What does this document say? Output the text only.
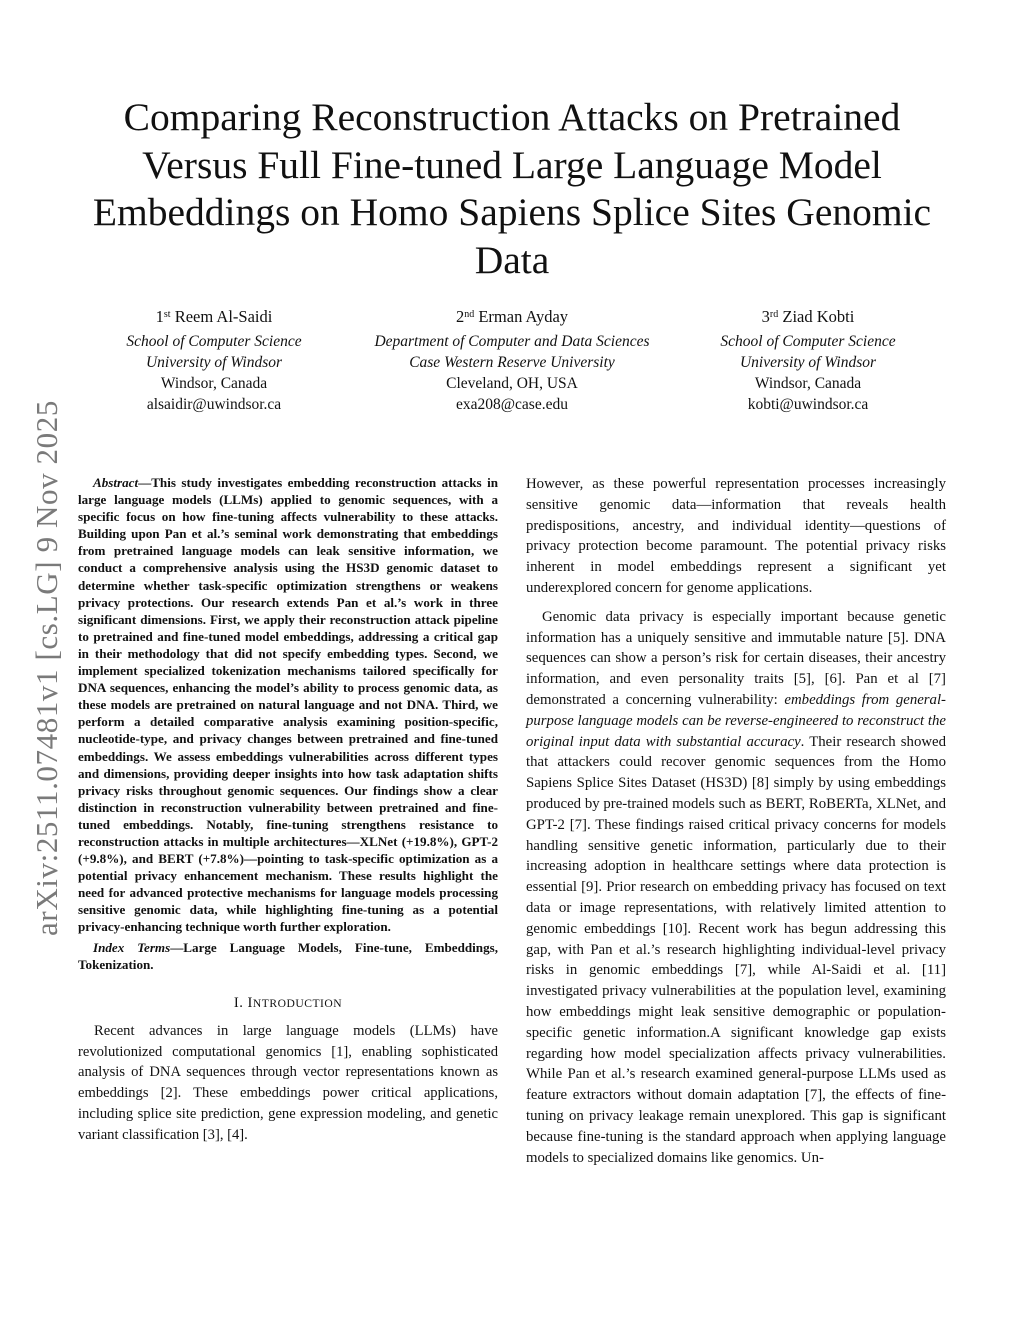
arXiv:2511.07481v1 [cs.LG] 9 Nov 2025
Comparing Reconstruction Attacks on Pretrained Versus Full Fine-tuned Large Language Model Embeddings on Homo Sapiens Splice Sites Genomic Data
1st Reem Al-Saidi
School of Computer Science
University of Windsor
Windsor, Canada
alsaidir@uwindsor.ca
2nd Erman Ayday
Department of Computer and Data Sciences
Case Western Reserve University
Cleveland, OH, USA
exa208@case.edu
3rd Ziad Kobti
School of Computer Science
University of Windsor
Windsor, Canada
kobti@uwindsor.ca

Abstract—This study investigates embedding reconstruction attacks in large language models (LLMs) applied to genomic sequences, with a specific focus on how fine-tuning affects vulnerability to these attacks. Building upon Pan et al.’s seminal work demonstrating that embeddings from pretrained language models can leak sensitive information, we conduct a comprehensive analysis using the HS3D genomic dataset to determine whether task-specific optimization strengthens or weakens privacy protections. Our research extends Pan et al.’s work in three significant dimensions. First, we apply their reconstruction attack pipeline to pretrained and fine-tuned model embeddings, addressing a critical gap in their methodology that did not specify embedding types. Second, we implement specialized tokenization mechanisms tailored specifically for DNA sequences, enhancing the model’s ability to process genomic data, as these models are pretrained on natural language and not DNA. Third, we perform a detailed comparative analysis examining position-specific, nucleotide-type, and privacy changes between pretrained and fine-tuned embeddings. We assess embeddings vulnerabilities across different types and dimensions, providing deeper insights into how task adaptation shifts privacy risks throughout genomic sequences. Our findings show a clear distinction in reconstruction vulnerability between pretrained and fine-tuned embeddings. Notably, fine-tuning strengthens resistance to reconstruction attacks in multiple architectures—XLNet (+19.8%), GPT-2 (+9.8%), and BERT (+7.8%)—pointing to task-specific optimization as a potential privacy enhancement mechanism. These results highlight the need for advanced protective mechanisms for language models processing sensitive genomic data, while highlighting fine-tuning as a potential privacy-enhancing technique worth further exploration.

Index Terms—Large Language Models, Fine-tune, Embeddings, Tokenization.

I. INTRODUCTION

Recent advances in large language models (LLMs) have revolutionized computational genomics [1], enabling sophisticated analysis of DNA sequences through vector representations known as embeddings [2]. These embeddings power critical applications, including splice site prediction, gene expression modeling, and genetic variant classification [3], [4].

However, as these powerful representation processes increasingly sensitive genomic data—information that reveals health predispositions, ancestry, and individual identity—questions of privacy protection become paramount. The potential privacy risks inherent in model embeddings represent a significant yet underexplored concern for genome applications.

Genomic data privacy is especially important because genetic information has a uniquely sensitive and immutable nature [5]. DNA sequences can show a person’s risk for certain diseases, their ancestry information, and even personality traits [5], [6]. Pan et al [7] demonstrated a concerning vulnerability: embeddings from general-purpose language models can be reverse-engineered to reconstruct the original input data with substantial accuracy. Their research showed that attackers could recover genomic sequences from the Homo Sapiens Splice Sites Dataset (HS3D) [8] simply by using embeddings produced by pre-trained models such as BERT, RoBERTa, XLNet, and GPT-2 [7]. These findings raised critical privacy concerns for models handling sensitive genetic information, particularly due to their increasing adoption in healthcare settings where data protection is essential [9]. Prior research on embedding privacy has focused on text data or image representations, with relatively limited attention to genomic embeddings [10]. Recent work has begun addressing this gap, with Pan et al.’s research highlighting individual-level privacy risks in genomic embeddings [7], while Al-Saidi et al. [11] investigated privacy vulnerabilities at the population level, examining how embeddings might leak sensitive demographic or population-specific genetic information.A significant knowledge gap exists regarding how model specialization affects privacy vulnerabilities. While Pan et al.’s research examined general-purpose LLMs used as feature extractors without domain adaptation [7], the effects of fine-tuning on privacy leakage remain unexplored. This gap is significant because fine-tuning is the standard approach when applying language models to specialized domains like genomics. Un-
